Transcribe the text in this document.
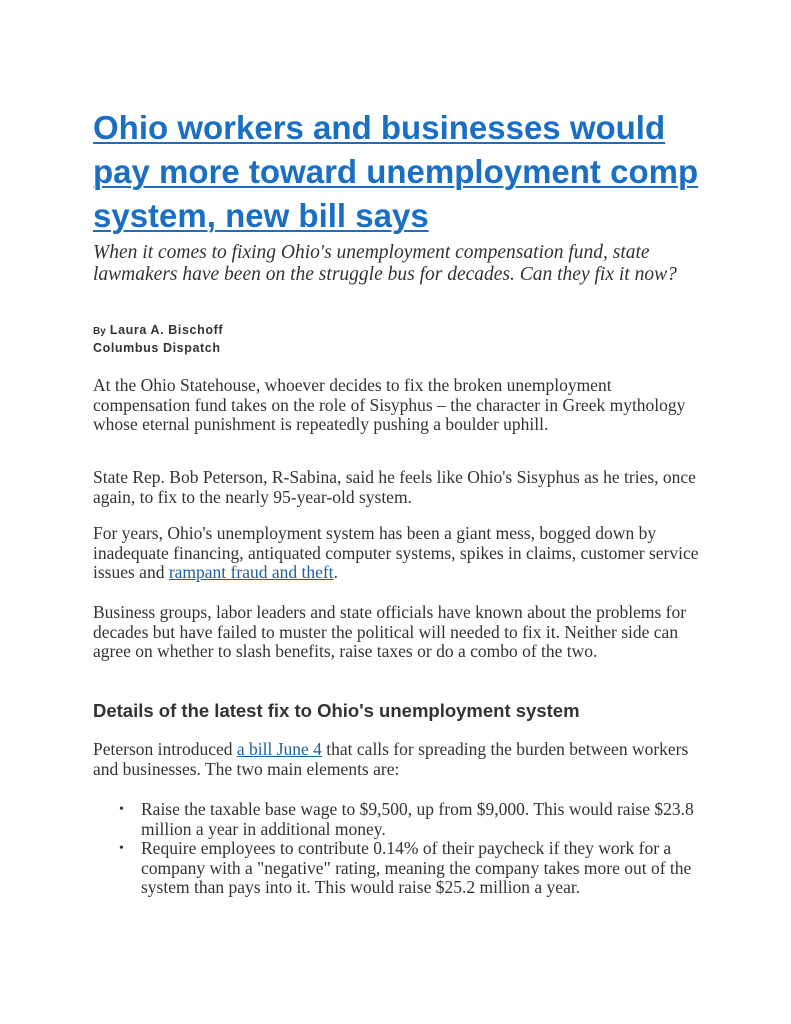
Ohio workers and businesses would pay more toward unemployment comp system, new bill says

When it comes to fixing Ohio's unemployment compensation fund, state lawmakers have been on the struggle bus for decades. Can they fix it now?

By Laura A. Bischoff
Columbus Dispatch

At the Ohio Statehouse, whoever decides to fix the broken unemployment compensation fund takes on the role of Sisyphus – the character in Greek mythology whose eternal punishment is repeatedly pushing a boulder uphill.

State Rep. Bob Peterson, R-Sabina, said he feels like Ohio's Sisyphus as he tries, once again, to fix to the nearly 95-year-old system.

For years, Ohio's unemployment system has been a giant mess, bogged down by inadequate financing, antiquated computer systems, spikes in claims, customer service issues and rampant fraud and theft.

Business groups, labor leaders and state officials have known about the problems for decades but have failed to muster the political will needed to fix it. Neither side can agree on whether to slash benefits, raise taxes or do a combo of the two.

Details of the latest fix to Ohio's unemployment system

Peterson introduced a bill June 4 that calls for spreading the burden between workers and businesses. The two main elements are:

• Raise the taxable base wage to $9,500, up from $9,000. This would raise $23.8 million a year in additional money.
• Require employees to contribute 0.14% of their paycheck if they work for a company with a "negative" rating, meaning the company takes more out of the system than pays into it. This would raise $25.2 million a year.
